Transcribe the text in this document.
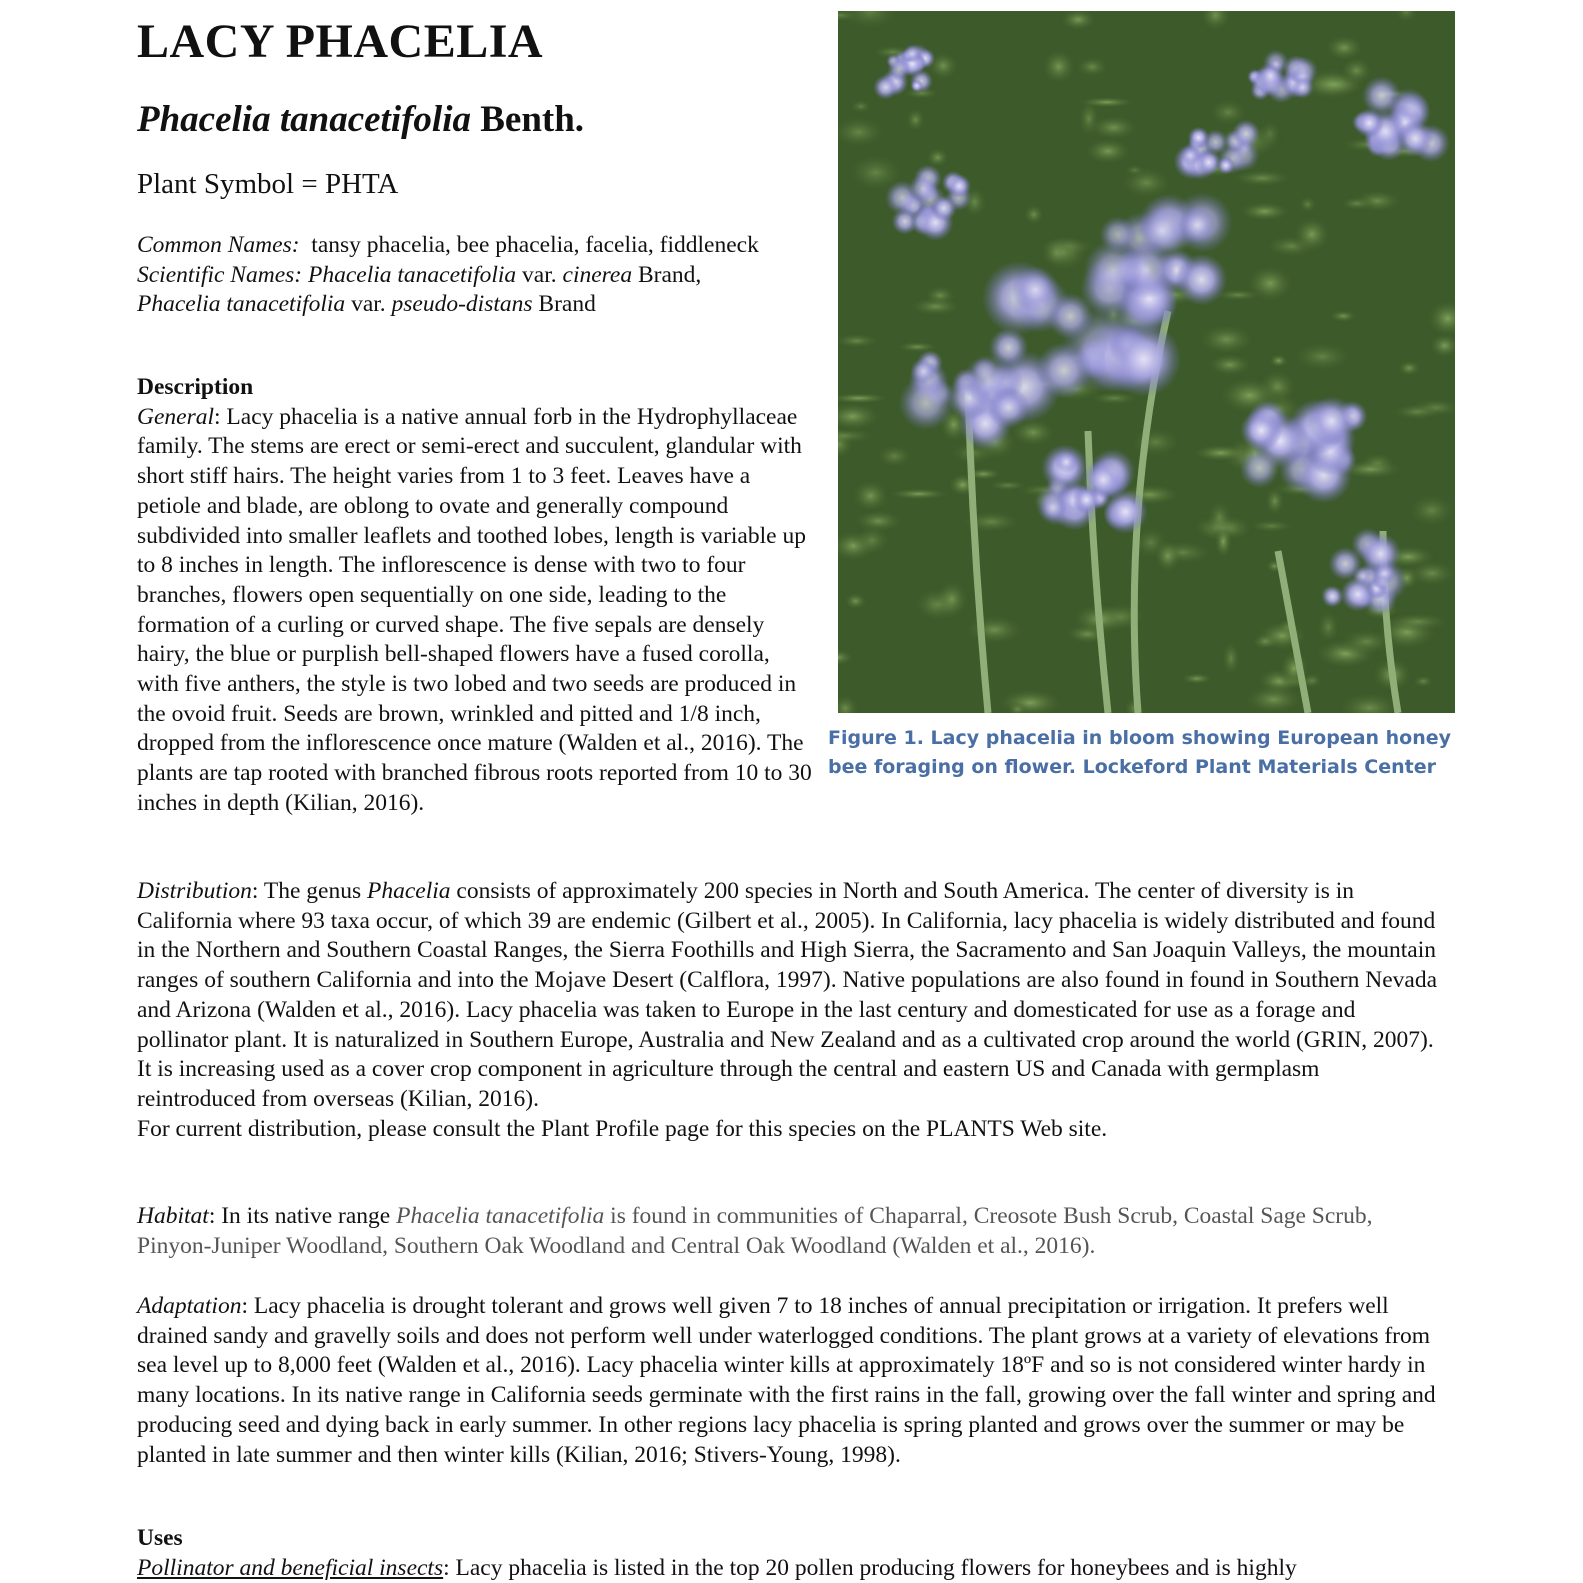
LACY PHACELIA
Phacelia tanacetifolia Benth.

Plant Symbol = PHTA

Common Names: tansy phacelia, bee phacelia, facelia, fiddleneck

Scientific Names: Phacelia tanacetifolia var. cinerea Brand, Phacelia tanacetifolia var. pseudo-distans Brand

Description

General: Lacy phacelia is a native annual forb in the Hydrophyllaceae family. The stems are erect or semi-erect and succulent, glandular with short stiff hairs. The height varies from 1 to 3 feet. Leaves have a petiole and blade, are oblong to ovate and generally compound subdivided into smaller leaflets and toothed lobes, length is variable up to 8 inches in length. The inflorescence is dense with two to four branches, flowers open sequentially on one side, leading to the formation of a curling or curved shape. The five sepals are densely hairy, the blue or purplish bell-shaped flowers have a fused corolla, with five anthers, the style is two lobed and two seeds are produced in the ovoid fruit. Seeds are brown, wrinkled and pitted and 1/8 inch, dropped from the inflorescence once mature (Walden et al., 2016). The plants are tap rooted with branched fibrous roots reported from 10 to 30 inches in depth (Kilian, 2016).

Figure 1. Lacy phacelia in bloom showing European honey bee foraging on flower. Lockeford Plant Materials Center

Distribution: The genus Phacelia consists of approximately 200 species in North and South America. The center of diversity is in California where 93 taxa occur, of which 39 are endemic (Gilbert et al., 2005). In California, lacy phacelia is widely distributed and found in the Northern and Southern Coastal Ranges, the Sierra Foothills and High Sierra, the Sacramento and San Joaquin Valleys, the mountain ranges of southern California and into the Mojave Desert (Calflora, 1997). Native populations are also found in found in Southern Nevada and Arizona (Walden et al., 2016). Lacy phacelia was taken to Europe in the last century and domesticated for use as a forage and pollinator plant. It is naturalized in Southern Europe, Australia and New Zealand and as a cultivated crop around the world (GRIN, 2007). It is increasing used as a cover crop component in agriculture through the central and eastern US and Canada with germplasm reintroduced from overseas (Kilian, 2016).

For current distribution, please consult the Plant Profile page for this species on the PLANTS Web site.

Habitat: In its native range Phacelia tanacetifolia is found in communities of Chaparral, Creosote Bush Scrub, Coastal Sage Scrub, Pinyon-Juniper Woodland, Southern Oak Woodland and Central Oak Woodland (Walden et al., 2016).

Adaptation: Lacy phacelia is drought tolerant and grows well given 7 to 18 inches of annual precipitation or irrigation. It prefers well drained sandy and gravelly soils and does not perform well under waterlogged conditions. The plant grows at a variety of elevations from sea level up to 8,000 feet (Walden et al., 2016). Lacy phacelia winter kills at approximately 18ºF and so is not considered winter hardy in many locations. In its native range in California seeds germinate with the first rains in the fall, growing over the fall winter and spring and producing seed and dying back in early summer. In other regions lacy phacelia is spring planted and grows over the summer or may be planted in late summer and then winter kills (Kilian, 2016; Stivers-Young, 1998).

Uses

Pollinator and beneficial insects: Lacy phacelia is listed in the top 20 pollen producing flowers for honeybees and is highly
